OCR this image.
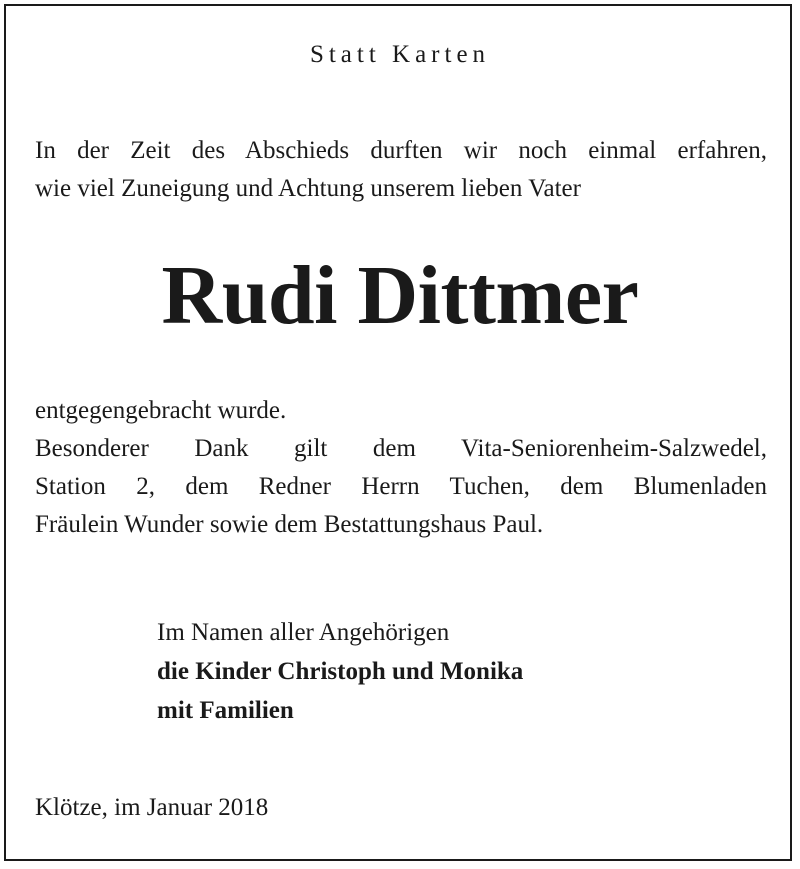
Statt Karten
In der Zeit des Abschieds durften wir noch einmal erfahren,
wie viel Zuneigung und Achtung unserem lieben Vater
Rudi Dittmer
entgegengebracht wurde.
Besonderer Dank gilt dem Vita-Seniorenheim-Salzwedel,
Station 2, dem Redner Herrn Tuchen, dem Blumenladen
Fräulein Wunder sowie dem Bestattungshaus Paul.
Im Namen aller Angehörigen
die Kinder Christoph und Monika
mit Familien
Klötze, im Januar 2018
